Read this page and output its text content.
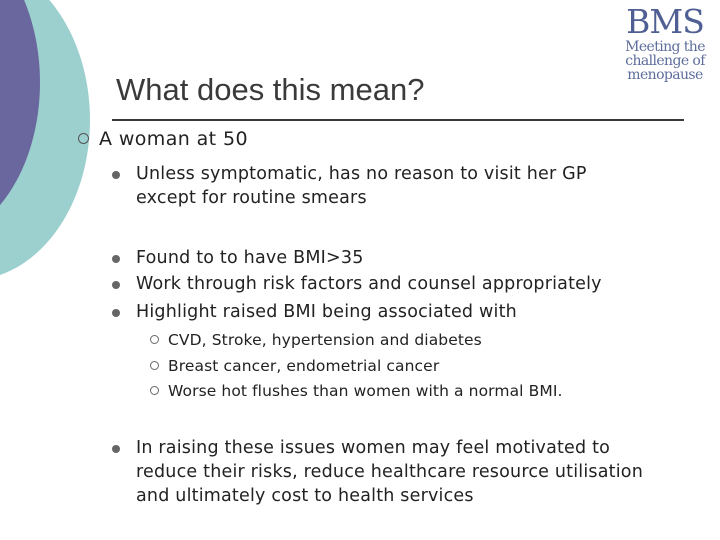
BMS
Meeting the
challenge of
menopause
What does this mean?
A woman at 50
Unless symptomatic, has no reason to visit her GP
except for routine smears
Found to to have BMI>35
Work through risk factors and counsel appropriately
Highlight raised BMI being associated with
CVD, Stroke, hypertension and diabetes
Breast cancer, endometrial cancer
Worse hot flushes than women with a normal BMI.
In raising these issues women may feel motivated to
reduce their risks, reduce healthcare resource utilisation
and ultimately cost to health services
